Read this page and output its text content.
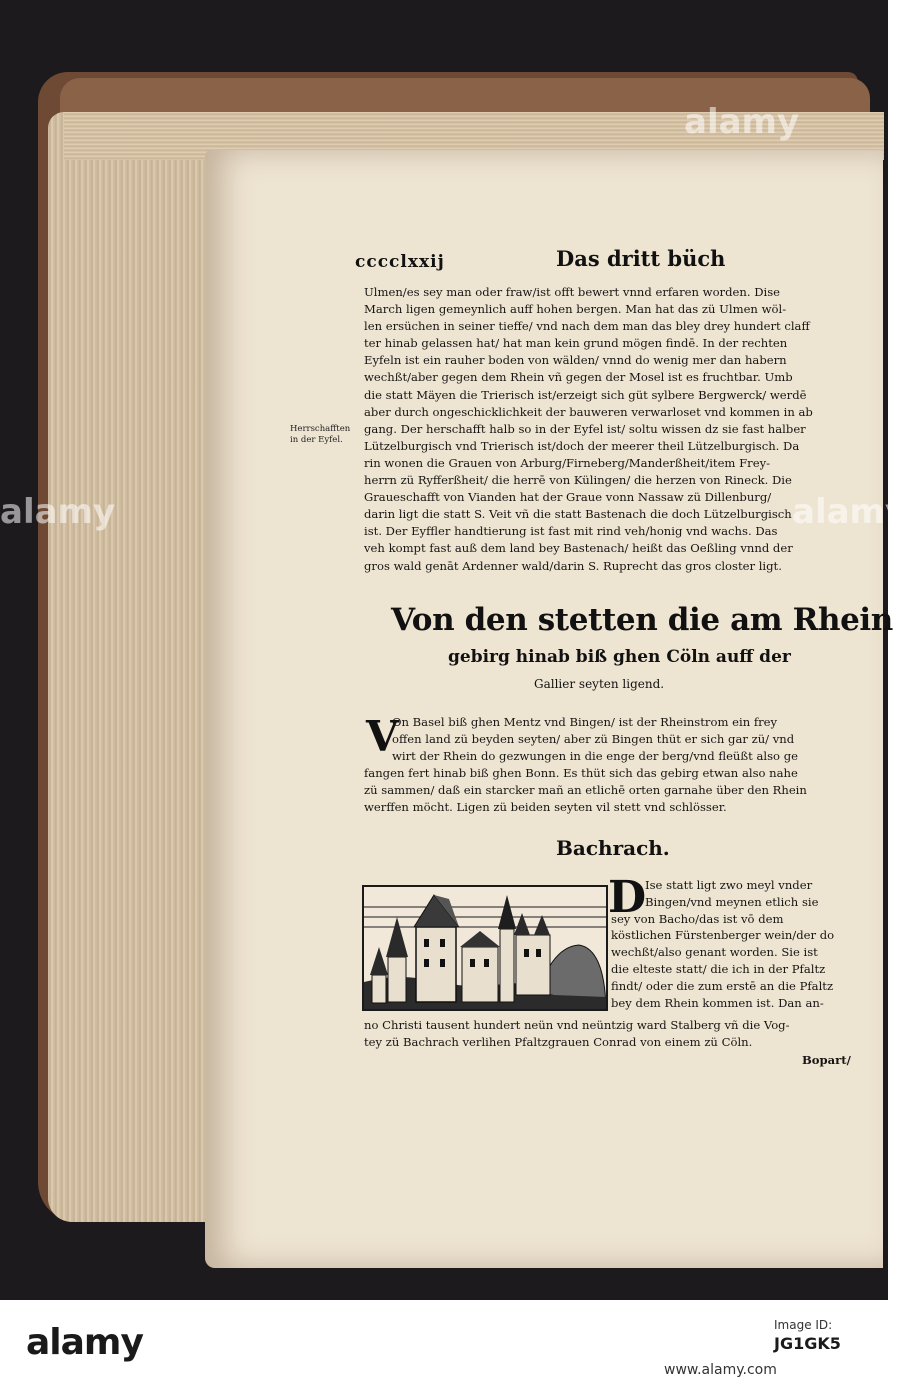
cccclxxij	Das dritt büch

Herrschafften

in der Eyfel.

Ulmen/es sey man oder fraw/ist offt bewert vnnd erfaren worden. Dise

March ligen gemeynlich auff hohen bergen. Man hat das zü Ulmen wöl-

len ersüchen in seiner tieffe/ vnd nach dem man das bley drey hundert claff

ter hinab gelassen hat/ hat man kein grund mögen findē. In der rechten

Eyfeln ist ein rauher boden von wälden/ vnnd do wenig mer dan habern

wechßt/aber gegen dem Rhein vñ gegen der Mosel ist es fruchtbar. Umb

die statt Mäyen die Trierisch ist/erzeigt sich güt sylbere Bergwerck/ werdē

aber durch ongeschicklichkeit der bauweren verwarloset vnd kommen in ab

gang. Der herschafft halb so in der Eyfel ist/ soltu wissen dz sie fast halber

Lützelburgisch vnd Trierisch ist/doch der meerer theil Lützelburgisch. Da

rin wonen die Grauen von Arburg/Firneberg/Manderßheit/item Frey-

herrn zü Ryfferßheit/ die herrē von Külingen/ die herzen von Rineck. Die

Graueschafft von Vianden hat der Graue vonn Nassaw zü Dillenburg/

darin ligt die statt S. Veit vñ die statt Bastenach die doch Lützelburgisch

ist. Der Eyffler handtierung ist fast mit rind veh/honig vnd wachs. Das

veh kompt fast auß dem land bey Bastenach/ heißt das Oeßling vnnd der

gros wald genāt Ardenner wald/darin S. Ruprecht das gros closter ligt.

Von den stetten die am Rhein
gebirg hinab biß ghen Cöln auff der
Gallier seyten ligend.
V

On Basel biß ghen Mentz vnd Bingen/ ist der Rheinstrom ein frey

offen land zü beyden seyten/ aber zü Bingen thüt er sich gar zü/ vnd

wirt der Rhein do gezwungen in die enge der berg/vnd fleüßt also ge

fangen fert hinab biß ghen Bonn. Es thüt sich das gebirg etwan also nahe

zü sammen/ daß ein starcker mañ an etlichē orten garnahe über den Rhein

werffen möcht. Ligen zü beiden seyten vil stett vnd schlösser.

Bachrach.
D

Ise statt ligt zwo meyl vnder

Bingen/vnd meynen etlich sie

sey von Bacho/das ist vō dem

köstlichen Fürstenberger wein/der do

wechßt/also genant worden. Sie ist

die elteste statt/ die ich in der Pfaltz

findt/ oder die zum erstē an die Pfaltz

bey dem Rhein kommen ist. Dan an-

no Christi tausent hundert neün vnd neüntzig ward Stalberg vñ die Vog-

tey zü Bachrach verlihen Pfaltzgrauen Conrad von einem zü Cöln.

Bopart/
alamy
alamy
alamy
alamy	Image ID:
JG1GK5
www.alamy.com
